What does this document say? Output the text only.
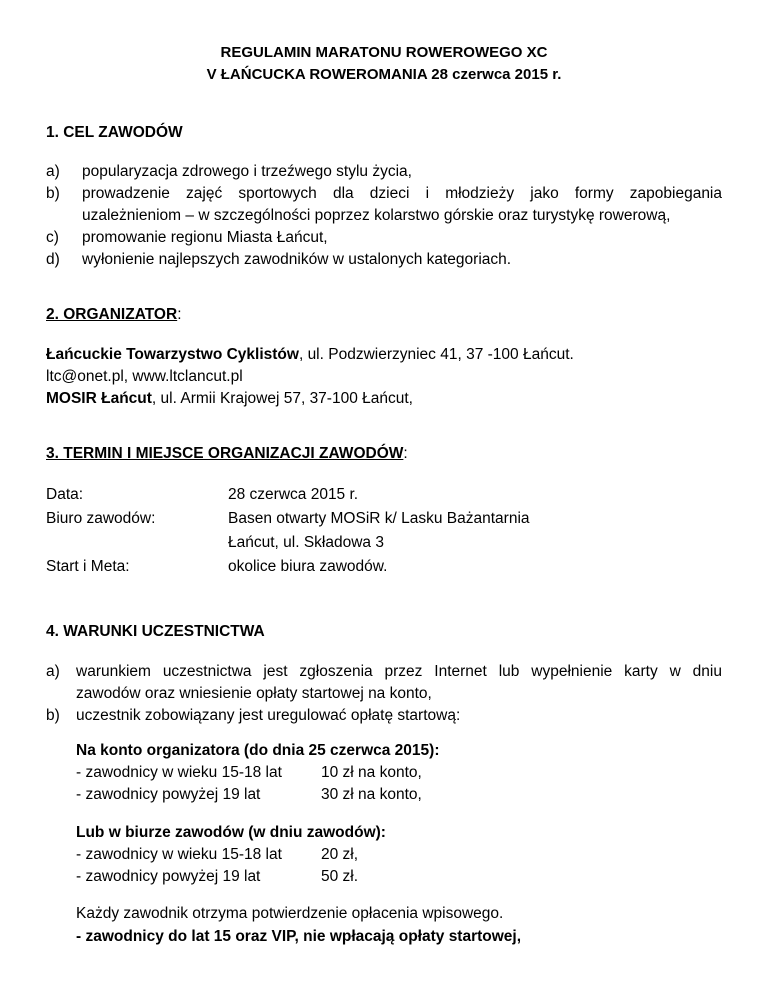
REGULAMIN MARATONU ROWEROWEGO XC
V ŁAŃCUCKA ROWEROMANIA 28 czerwca 2015 r.
1. CEL ZAWODÓW
a) popularyzacja zdrowego i trzeźwego stylu życia,
b) prowadzenie zajęć sportowych dla dzieci i młodzieży jako formy zapobiegania
uzależnieniom – w szczególności poprzez kolarstwo górskie oraz turystykę rowerową,
c) promowanie regionu Miasta Łańcut,
d) wyłonienie najlepszych zawodników w ustalonych kategoriach.
2. ORGANIZATOR:
Łańcuckie Towarzystwo Cyklistów, ul. Podzwierzyniec 41, 37 -100 Łańcut.
ltc@onet.pl, www.ltclancut.pl
MOSIR Łańcut, ul. Armii Krajowej 57, 37-100 Łańcut,
3. TERMIN I MIEJSCE ORGANIZACJI ZAWODÓW:
Data:	28 czerwca 2015 r.
Biuro zawodów:	Basen otwarty MOSiR k/ Lasku Bażantarnia
Łańcut, ul. Składowa 3
Start i Meta:	okolice biura zawodów.
4. WARUNKI UCZESTNICTWA
a) warunkiem uczestnictwa jest zgłoszenia przez Internet lub wypełnienie karty w dniu
zawodów oraz wniesienie opłaty startowej na konto,
b) uczestnik zobowiązany jest uregulować opłatę startową:
Na konto organizatora (do dnia 25 czerwca 2015):
- zawodnicy w wieku 15-18 lat	10 zł na konto,
- zawodnicy powyżej 19 lat	30 zł na konto,
Lub w biurze zawodów (w dniu zawodów):
- zawodnicy w wieku 15-18 lat	20 zł,
- zawodnicy powyżej 19 lat	50 zł.
Każdy zawodnik otrzyma potwierdzenie opłacenia wpisowego.
- zawodnicy do lat 15 oraz VIP, nie wpłacają opłaty startowej,
